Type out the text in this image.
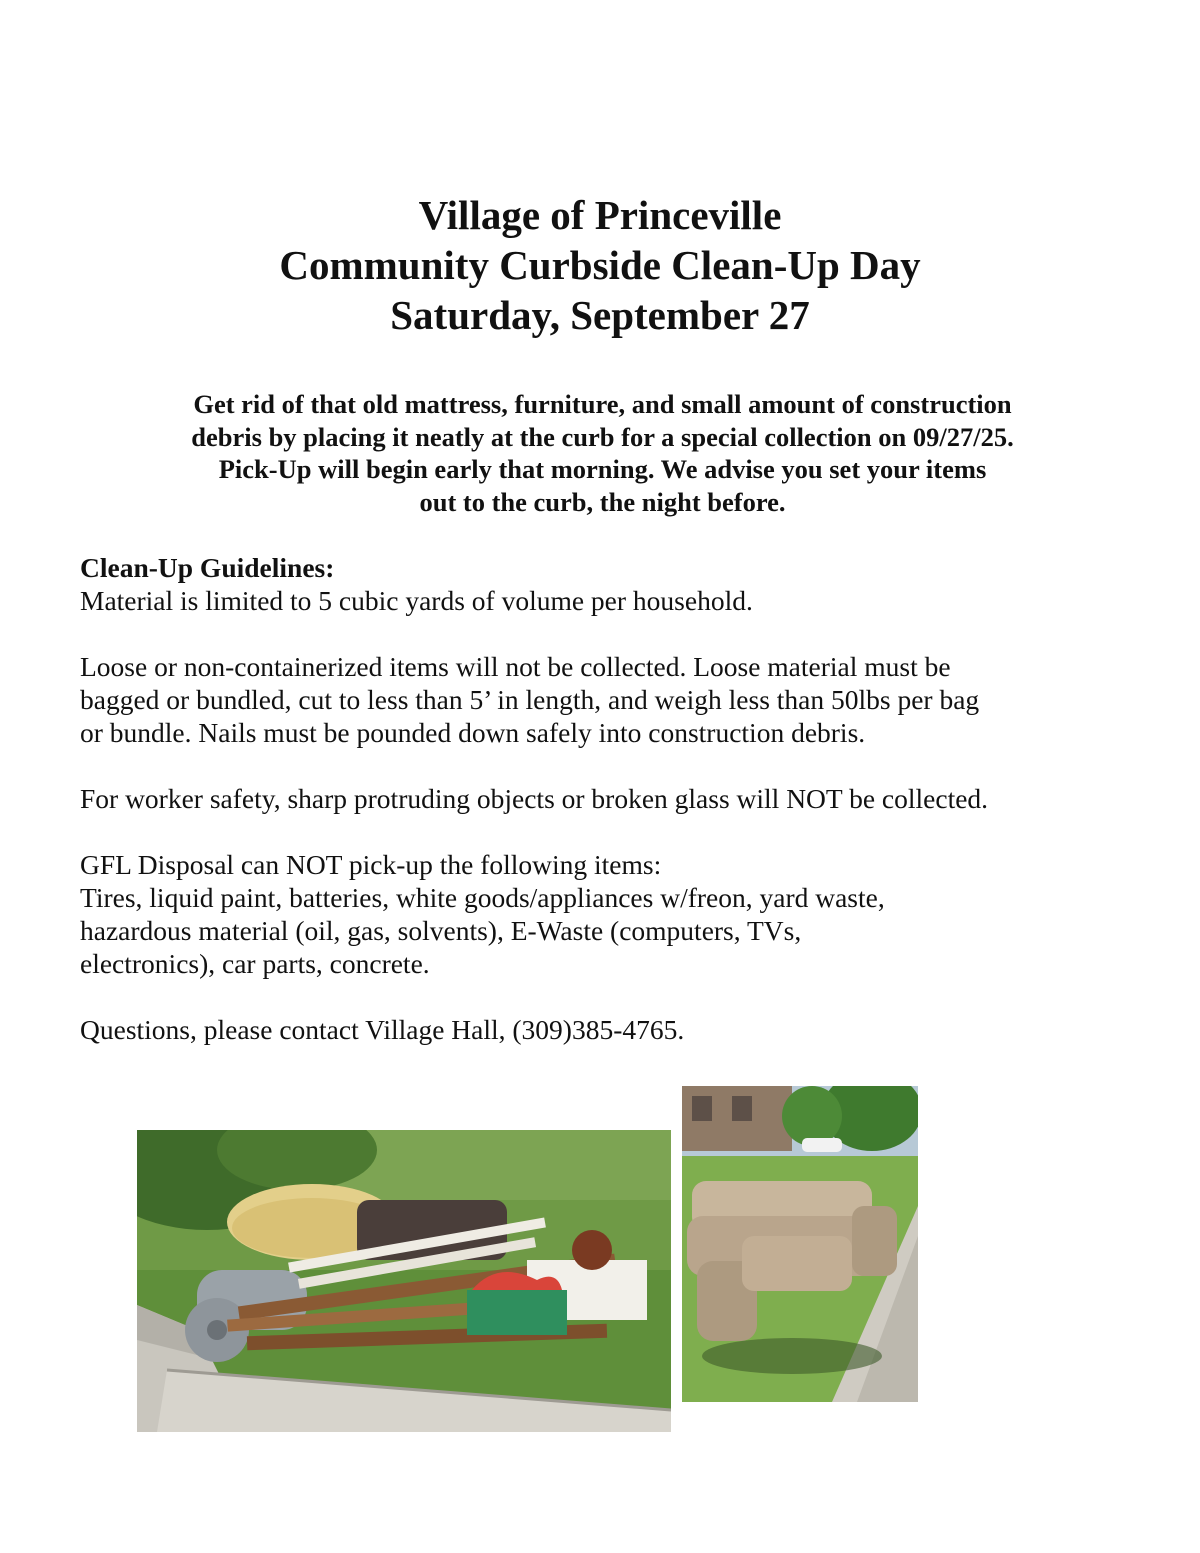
Village of Princeville
Community Curbside Clean-Up Day
Saturday, September 27
Get rid of that old mattress, furniture, and small amount of construction
debris by placing it neatly at the curb for a special collection on 09/27/25.
Pick-Up will begin early that morning. We advise you set your items
out to the curb, the night before.

Clean-Up Guidelines:

Material is limited to 5 cubic yards of volume per household.

Loose or non-containerized items will not be collected. Loose material must be

bagged or bundled, cut to less than 5’ in length, and weigh less than 50lbs per bag

or bundle. Nails must be pounded down safely into construction debris.

For worker safety, sharp protruding objects or broken glass will NOT be collected.

GFL Disposal can NOT pick-up the following items:

Tires, liquid paint, batteries, white goods/appliances w/freon, yard waste,

hazardous material (oil, gas, solvents), E-Waste (computers, TVs,

electronics), car parts, concrete.

Questions, please contact Village Hall, (309)385-4765.
